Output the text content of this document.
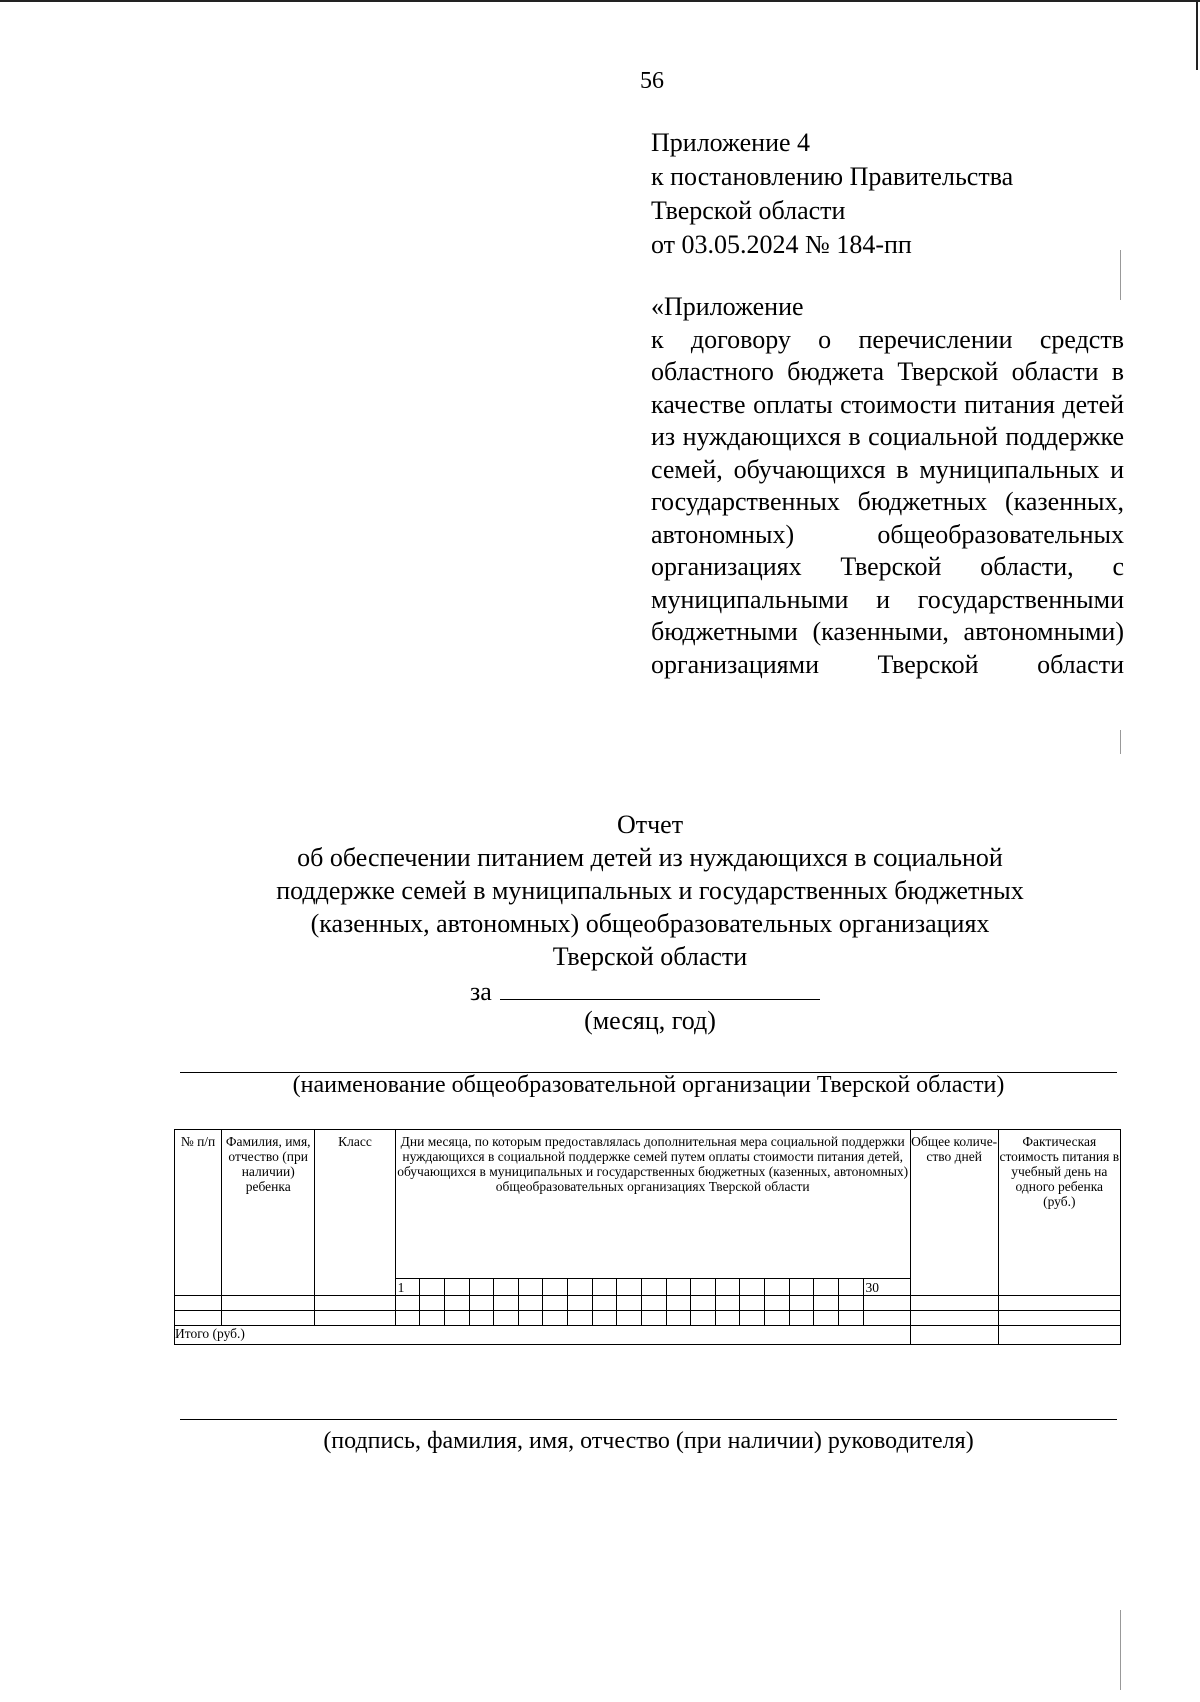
56
Приложение 4
к постановлению Правительства
Тверской области
от 03.05.2024 № 184-пп
«Приложение
к договору о перечислении средств областного бюджета Тверской области в качестве оплаты стоимости питания детей из нуждающихся в социальной поддержке семей, обучающихся в муниципальных и государственных бюджетных (казенных, автономных) общеобразовательных организациях Тверской области, с муниципальными и государственными бюджетными (казенными, автономными) организациями Тверской области
Отчет
об обеспечении питанием детей из нуждающихся в социальной
поддержке семей в муниципальных и государственных бюджетных
(казенных, автономных) общеобразовательных организациях
Тверской области
за
(месяц, год)
(наименование общеобразовательной организации Тверской области)
№ п/п	Фамилия, имя, отчество (при наличии) ребенка	Класс	Дни месяца, по которым предоставлялась дополнительная мера социальной поддержки нуждающихся в социальной поддержке семей путем оплаты стоимости питания детей, обучающихся в муниципальных и государственных бюджетных (казенных, автономных) общеобразовательных организациях Тверской области																				Общее количе-ство дней	Фактическая стоимость питания в учебный день на одного ребенка (руб.)
			1																			30		

Итого (руб.)																								
(подпись, фамилия, имя, отчество (при наличии) руководителя)
